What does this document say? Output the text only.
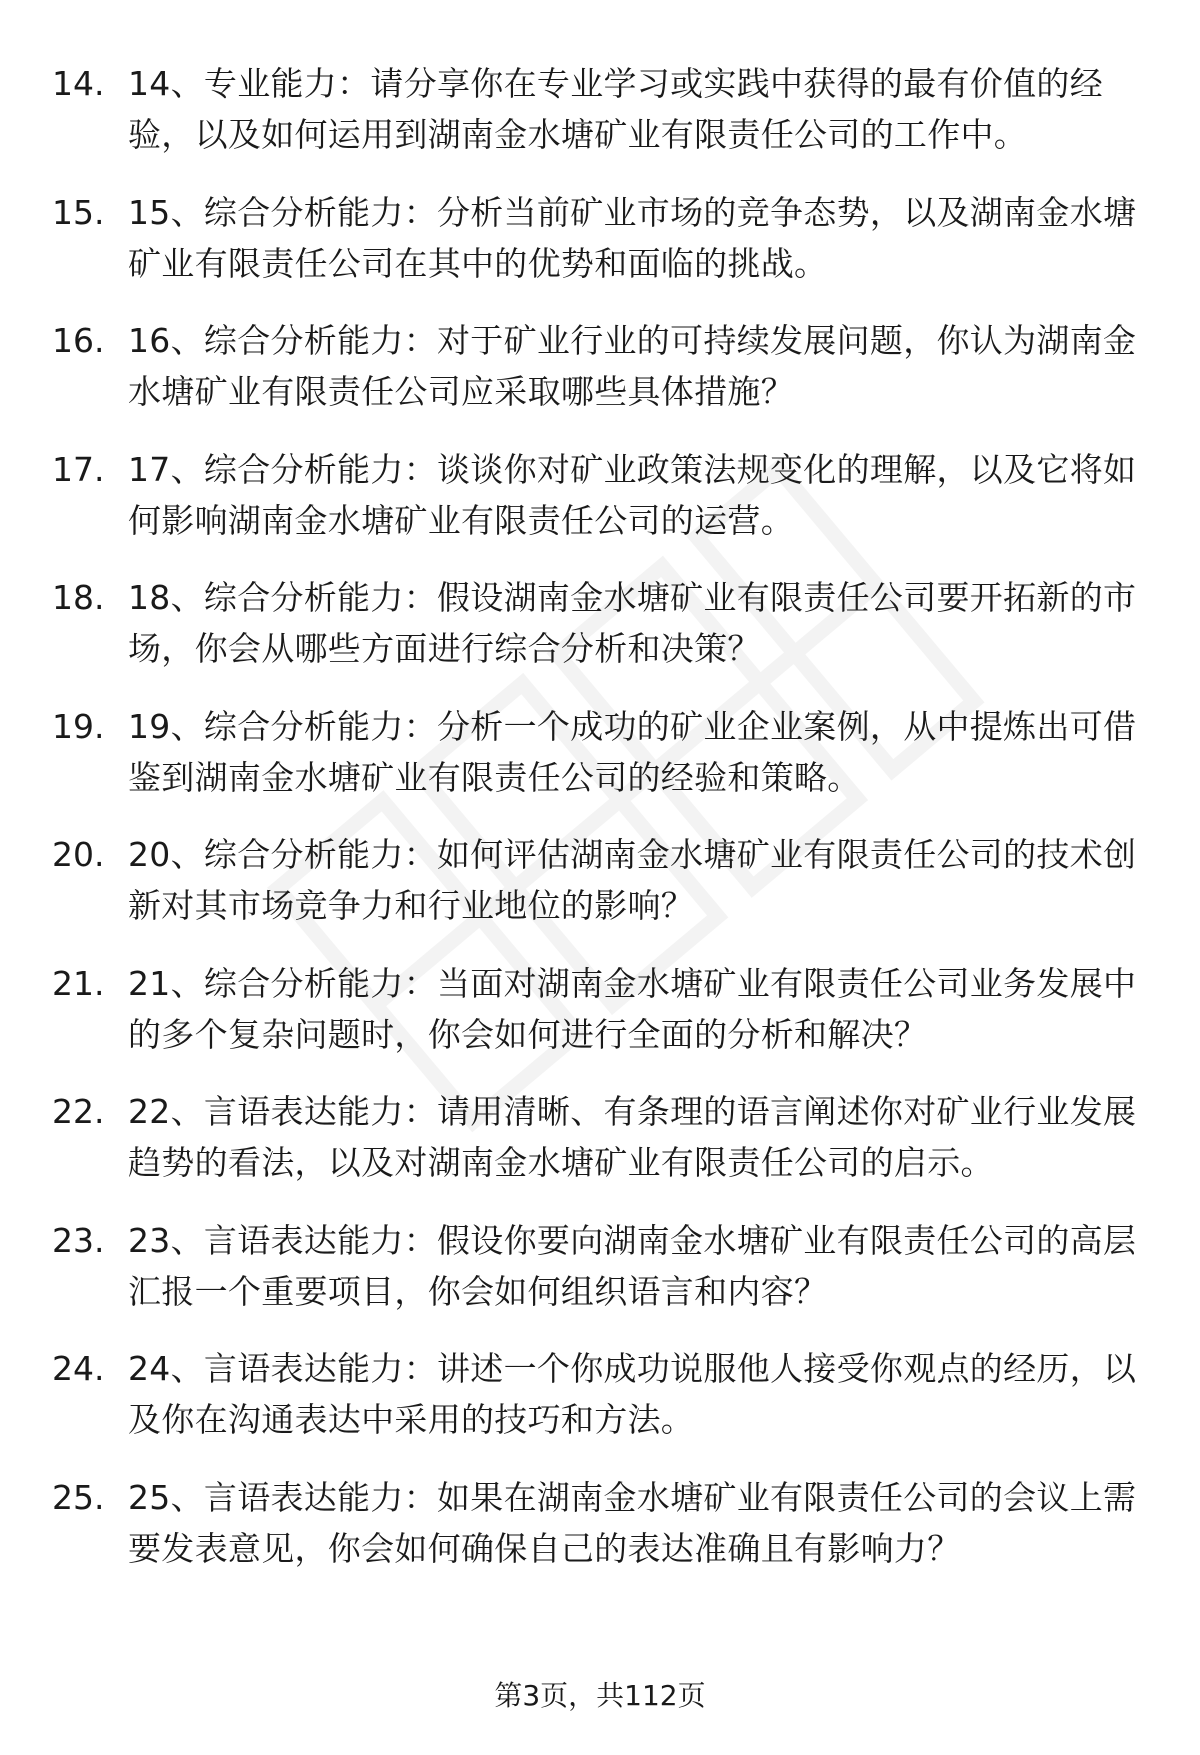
14. 14、专业能力：请分享你在专业学习或实践中获得的最有价值的经验，以及如何运用到湖南金水塘矿业有限责任公司的工作中。
15. 15、综合分析能力：分析当前矿业市场的竞争态势，以及湖南金水塘矿业有限责任公司在其中的优势和面临的挑战。
16. 16、综合分析能力：对于矿业行业的可持续发展问题，你认为湖南金水塘矿业有限责任公司应采取哪些具体措施？
17. 17、综合分析能力：谈谈你对矿业政策法规变化的理解，以及它将如何影响湖南金水塘矿业有限责任公司的运营。
18. 18、综合分析能力：假设湖南金水塘矿业有限责任公司要开拓新的市场，你会从哪些方面进行综合分析和决策？
19. 19、综合分析能力：分析一个成功的矿业企业案例，从中提炼出可借鉴到湖南金水塘矿业有限责任公司的经验和策略。
20. 20、综合分析能力：如何评估湖南金水塘矿业有限责任公司的技术创新对其市场竞争力和行业地位的影响？
21. 21、综合分析能力：当面对湖南金水塘矿业有限责任公司业务发展中的多个复杂问题时，你会如何进行全面的分析和解决？
22. 22、言语表达能力：请用清晰、有条理的语言阐述你对矿业行业发展趋势的看法，以及对湖南金水塘矿业有限责任公司的启示。
23. 23、言语表达能力：假设你要向湖南金水塘矿业有限责任公司的高层汇报一个重要项目，你会如何组织语言和内容？
24. 24、言语表达能力：讲述一个你成功说服他人接受你观点的经历，以及你在沟通表达中采用的技巧和方法。
25. 25、言语表达能力：如果在湖南金水塘矿业有限责任公司的会议上需要发表意见，你会如何确保自己的表达准确且有影响力？
第3页，共112页
